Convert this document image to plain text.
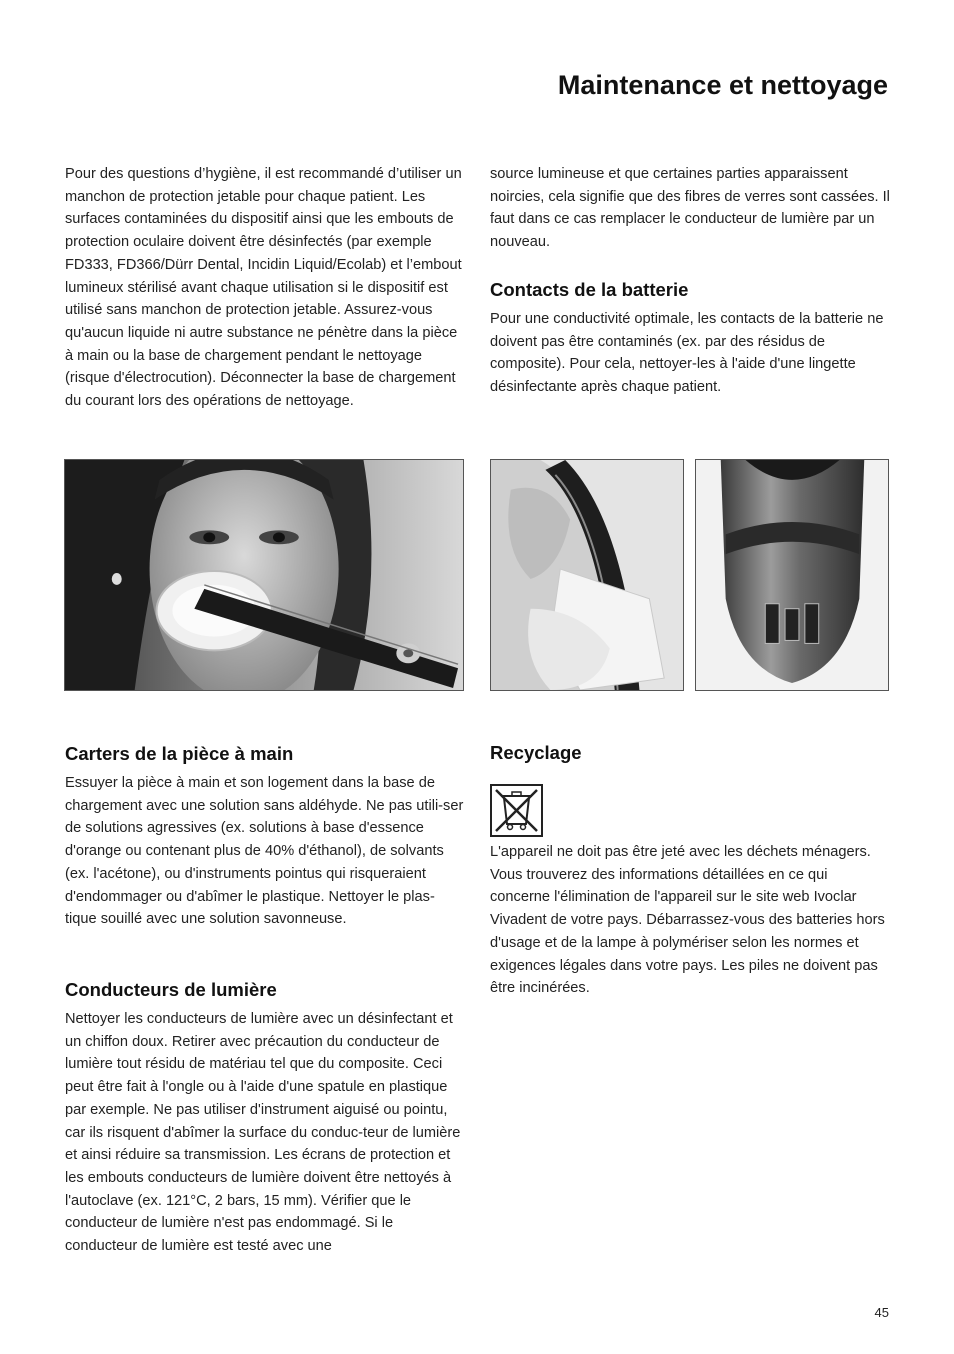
Maintenance et nettoyage

Pour des questions d’hygiène, il est recommandé d’utiliser un manchon de protection jetable pour chaque patient. Les surfaces contaminées du dispositif ainsi que les embouts de protection oculaire doivent être désinfectés (par exemple FD333, FD366/Dürr Dental, Incidin Liquid/Ecolab) et l’embout lumineux stérilisé avant chaque utilisation si le dispositif est utilisé sans manchon de protection jetable. Assurez-vous qu'aucun liquide ni autre substance ne pénètre dans la pièce à main ou la base de chargement pendant le nettoyage (risque d'électrocution). Déconnecter la base de chargement du courant lors des opérations de nettoyage.

source lumineuse et que certaines parties apparaissent noircies, cela signifie que des fibres de verres sont cassées. Il faut dans ce cas remplacer le conducteur de lumière par un nouveau.

Contacts de la batterie

Pour une conductivité optimale, les contacts de la batterie ne doivent pas être contaminés (ex. par des résidus de composite). Pour cela, nettoyer-les à l'aide d'une lingette désinfectante après chaque patient.

Carters de la pièce à main

Essuyer la pièce à main et son logement dans la base de chargement avec une solution sans aldéhyde. Ne pas utili-ser de solutions agressives (ex. solutions à base d'essence d'orange ou contenant plus de 40% d'éthanol), de solvants (ex. l'acétone), ou d'instruments pointus qui risqueraient d'endommager ou d'abîmer le plastique. Nettoyer le plas-tique souillé avec une solution savonneuse.

Conducteurs de lumière

Nettoyer les conducteurs de lumière avec un désinfectant et un chiffon doux. Retirer avec précaution du conducteur de lumière tout résidu de matériau tel que du composite. Ceci peut être fait à l'ongle ou à l'aide d'une spatule en plastique par exemple. Ne pas utiliser d'instrument aiguisé ou pointu, car ils risquent d'abîmer la surface du conduc-teur de lumière et ainsi réduire sa transmission. Les écrans de protection et les embouts conducteurs de lumière doivent être nettoyés à l'autoclave (ex. 121°C, 2 bars, 15 mm). Vérifier que le conducteur de lumière n'est pas endommagé. Si le conducteur de lumière est testé avec une

Recyclage

L'appareil ne doit pas être jeté avec les déchets ménagers. Vous trouverez des informations détaillées en ce qui concerne l'élimination de l'appareil sur le site web Ivoclar Vivadent de votre pays. Débarrassez-vous des batteries hors d'usage et de la lampe à polymériser selon les normes et exigences légales dans votre pays. Les piles ne doivent pas être incinérées.

45
